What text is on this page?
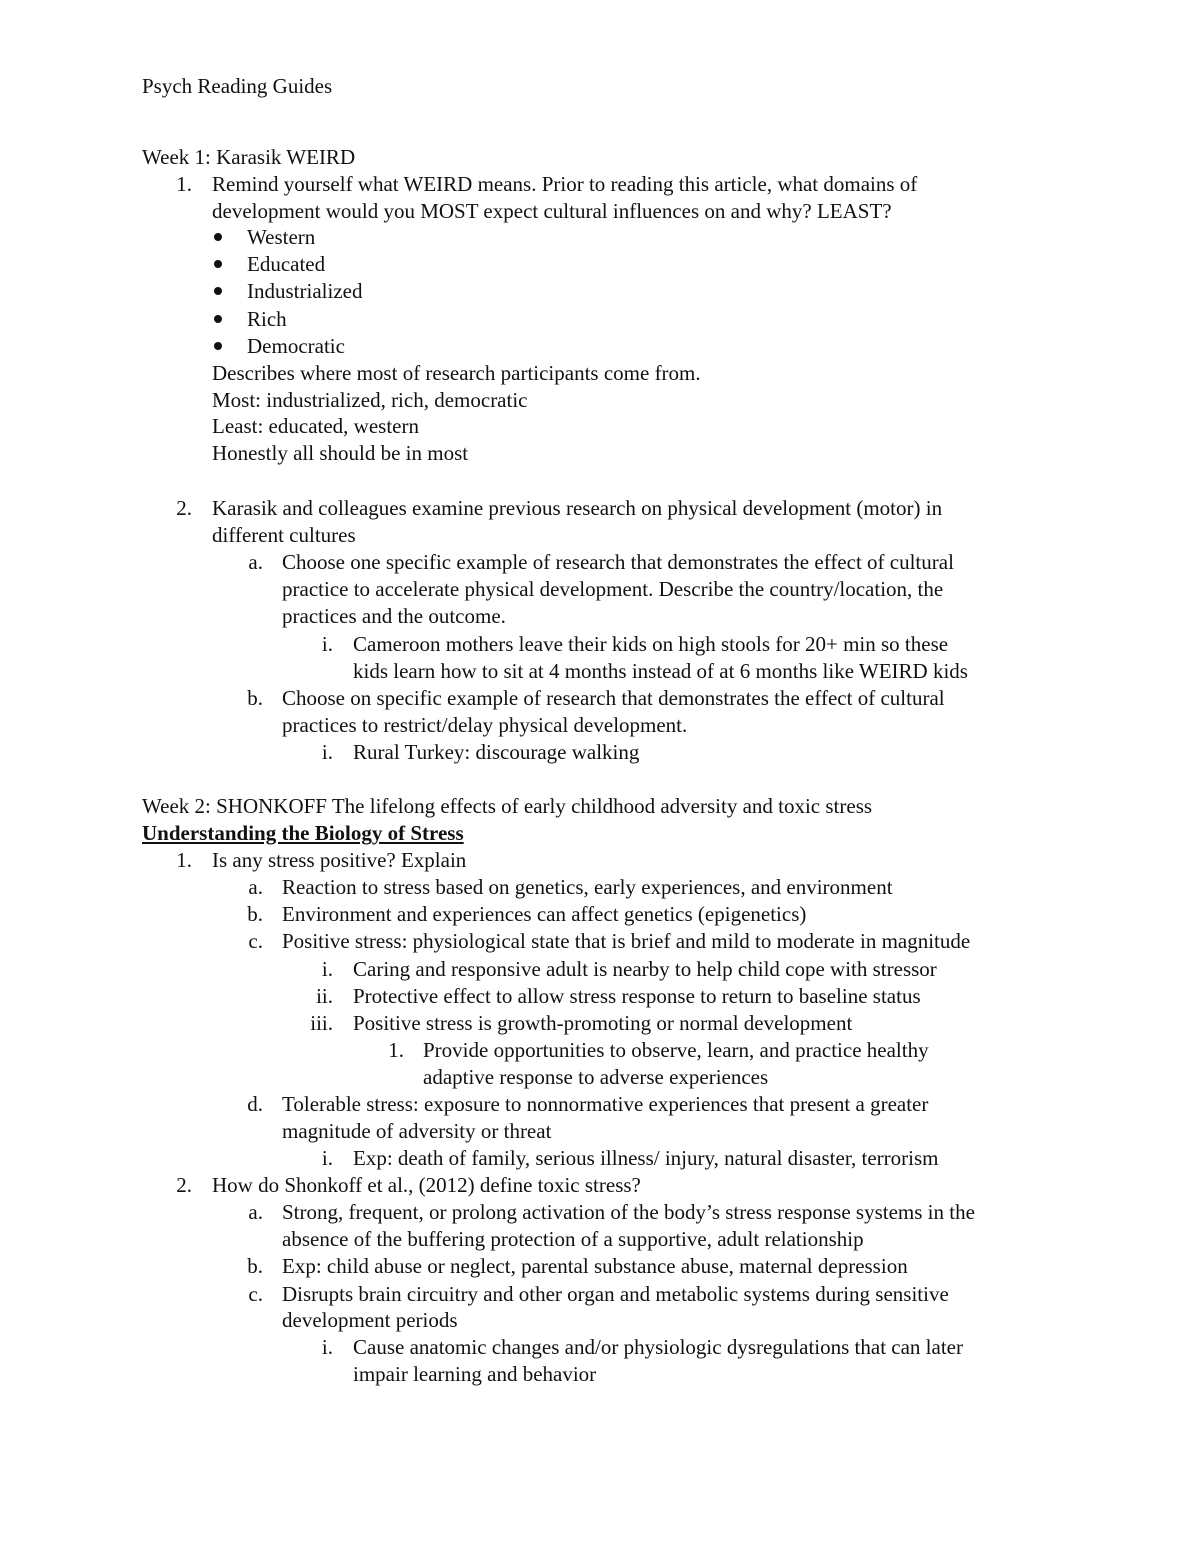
Psych Reading Guides
Week 1: Karasik WEIRD
1. Remind yourself what WEIRD means. Prior to reading this article, what domains of
development would you MOST expect cultural influences on and why? LEAST?
Western
Educated
Industrialized
Rich
Democratic
Describes where most of research participants come from.
Most: industrialized, rich, democratic
Least: educated, western
Honestly all should be in most
2. Karasik and colleagues examine previous research on physical development (motor) in
different cultures
a. Choose one specific example of research that demonstrates the effect of cultural
practice to accelerate physical development. Describe the country/location, the
practices and the outcome.
i. Cameroon mothers leave their kids on high stools for 20+ min so these
kids learn how to sit at 4 months instead of at 6 months like WEIRD kids
b. Choose on specific example of research that demonstrates the effect of cultural
practices to restrict/delay physical development.
i. Rural Turkey: discourage walking
Week 2: SHONKOFF The lifelong effects of early childhood adversity and toxic stress
Understanding the Biology of Stress
1. Is any stress positive? Explain
a. Reaction to stress based on genetics, early experiences, and environment
b. Environment and experiences can affect genetics (epigenetics)
c. Positive stress: physiological state that is brief and mild to moderate in magnitude
i. Caring and responsive adult is nearby to help child cope with stressor
ii. Protective effect to allow stress response to return to baseline status
iii. Positive stress is growth-promoting or normal development
1. Provide opportunities to observe, learn, and practice healthy
adaptive response to adverse experiences
d. Tolerable stress: exposure to nonnormative experiences that present a greater
magnitude of adversity or threat
i. Exp: death of family, serious illness/ injury, natural disaster, terrorism
2. How do Shonkoff et al., (2012) define toxic stress?
a. Strong, frequent, or prolong activation of the body’s stress response systems in the
absence of the buffering protection of a supportive, adult relationship
b. Exp: child abuse or neglect, parental substance abuse, maternal depression
c. Disrupts brain circuitry and other organ and metabolic systems during sensitive
development periods
i. Cause anatomic changes and/or physiologic dysregulations that can later
impair learning and behavior
